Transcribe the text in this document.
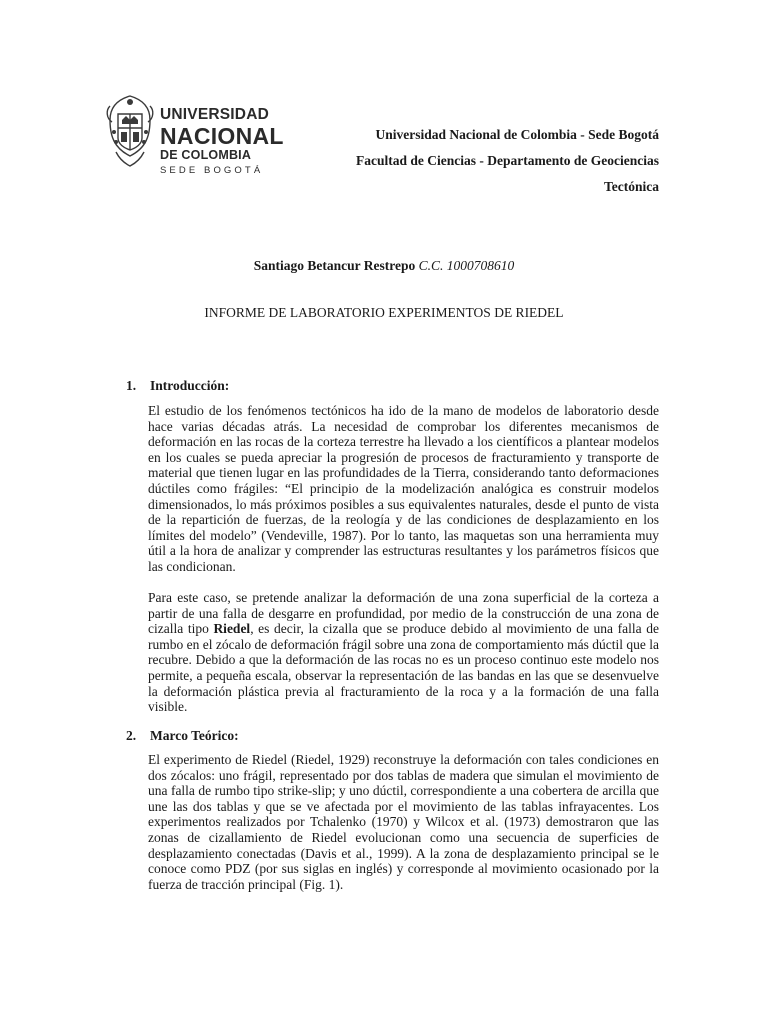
UNIVERSIDAD
NACIONAL
DE COLOMBIA
SEDE BOGOTÁ
Universidad Nacional de Colombia - Sede Bogotá
Facultad de Ciencias - Departamento de Geociencias
Tectónica
Santiago Betancur Restrepo C.C. 1000708610
INFORME DE LABORATORIO EXPERIMENTOS DE RIEDEL
1. Introducción:

El estudio de los fenómenos tectónicos ha ido de la mano de modelos de laboratorio desde hace varias décadas atrás. La necesidad de comprobar los diferentes mecanismos de deformación en las rocas de la corteza terrestre ha llevado a los científicos a plantear modelos en los cuales se pueda apreciar la progresión de procesos de fracturamiento y transporte de material que tienen lugar en las profundidades de la Tierra, considerando tanto deformaciones dúctiles como frágiles: “El principio de la modelización analógica es construir modelos dimensionados, lo más próximos posibles a sus equivalentes naturales, desde el punto de vista de la repartición de fuerzas, de la reología y de las condiciones de desplazamiento en los límites del modelo” (Vendeville, 1987). Por lo tanto, las maquetas son una herramienta muy útil a la hora de analizar y comprender las estructuras resultantes y los parámetros físicos que las condicionan.

Para este caso, se pretende analizar la deformación de una zona superficial de la corteza a partir de una falla de desgarre en profundidad, por medio de la construcción de una zona de cizalla tipo Riedel, es decir, la cizalla que se produce debido al movimiento de una falla de rumbo en el zócalo de deformación frágil sobre una zona de comportamiento más dúctil que la recubre. Debido a que la deformación de las rocas no es un proceso continuo este modelo nos permite, a pequeña escala, observar la representación de las bandas en las que se desenvuelve la deformación plástica previa al fracturamiento de la roca y a la formación de una falla visible.

2. Marco Teórico:

El experimento de Riedel (Riedel, 1929) reconstruye la deformación con tales condiciones en dos zócalos: uno frágil, representado por dos tablas de madera que simulan el movimiento de una falla de rumbo tipo strike-slip; y uno dúctil, correspondiente a una cobertera de arcilla que une las dos tablas y que se ve afectada por el movimiento de las tablas infrayacentes. Los experimentos realizados por Tchalenko (1970) y Wilcox et al. (1973) demostraron que las zonas de cizallamiento de Riedel evolucionan como una secuencia de superficies de desplazamiento conectadas (Davis et al., 1999). A la zona de desplazamiento principal se le conoce como PDZ (por sus siglas en inglés) y corresponde al movimiento ocasionado por la fuerza de tracción principal (Fig. 1).
